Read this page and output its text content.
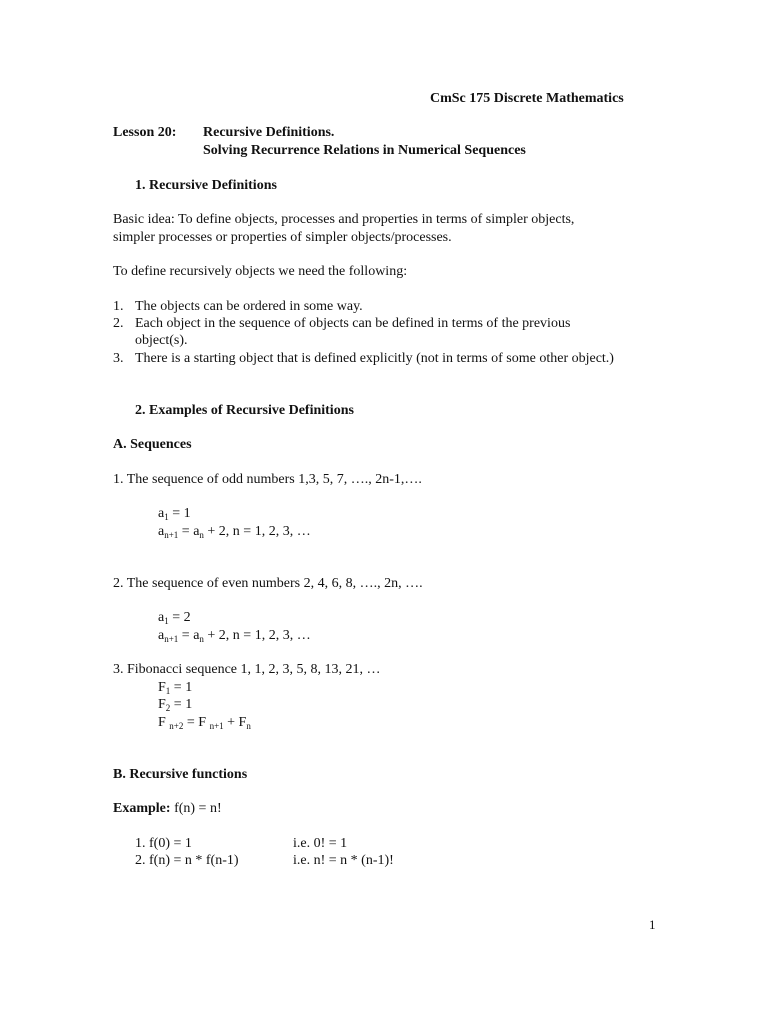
CmSc 175 Discrete Mathematics
Lesson 20: Recursive Definitions.
Solving Recurrence Relations in Numerical Sequences
1. Recursive Definitions
Basic idea: To define objects, processes and properties in terms of simpler objects,
simpler processes or properties of simpler objects/processes.
To define recursively objects we need the following:
1. The objects can be ordered in some way.
2. Each object in the sequence of objects can be defined in terms of the previous
object(s).
3. There is a starting object that is defined explicitly (not in terms of some other object.)
2. Examples of Recursive Definitions
A. Sequences
1. The sequence of odd numbers 1,3, 5, 7, …., 2n-1,….
$a_1 = 1$
$a_{n+1} = a_n + 2$, n = 1, 2, 3, …
2. The sequence of even numbers 2, 4, 6, 8, …., 2n, ….
$a_1 = 2$
$a_{n+1} = a_n + 2$, n = 1, 2, 3, …
3. Fibonacci sequence 1, 1, 2, 3, 5, 8, 13, 21, …
$F_1 = 1$
$F_2 = 1$
F $_{n+2}$ = F $_{n+1} + F_n$
B. Recursive functions
Example: f(n) = n!
1. f(0) = 1	i.e. 0! = 1
2. f(n) = n * f(n-1)	i.e. n! = n * (n-1)!
1
